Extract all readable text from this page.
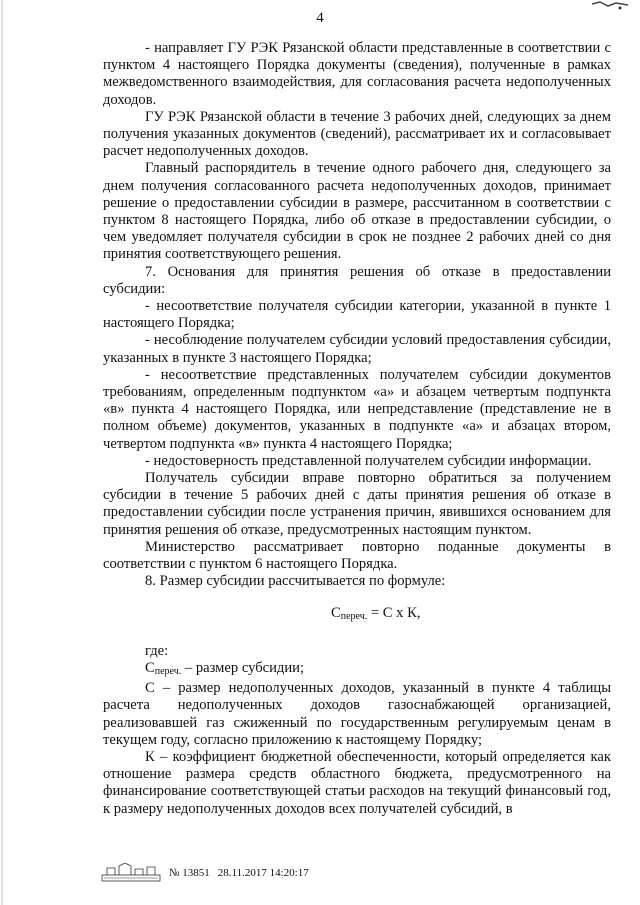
4

- направляет ГУ РЭК Рязанской области представленные в соответствии с пунктом 4 настоящего Порядка документы (сведения), полученные в рамках межведомственного взаимодействия, для согласования расчета недополученных доходов.

ГУ РЭК Рязанской области в течение 3 рабочих дней, следующих за днем получения указанных документов (сведений), рассматривает их и согласовывает расчет недополученных доходов.

Главный распорядитель в течение одного рабочего дня, следующего за днем получения согласованного расчета недополученных доходов, принимает решение о предоставлении субсидии в размере, рассчитанном в соответствии с пунктом 8 настоящего Порядка, либо об отказе в предоставлении субсидии, о чем уведомляет получателя субсидии в срок не позднее 2 рабочих дней со дня принятия соответствующего решения.

7. Основания для принятия решения об отказе в предоставлении субсидии:

- несоответствие получателя субсидии категории, указанной в пункте 1 настоящего Порядка;

- несоблюдение получателем субсидии условий предоставления субсидии, указанных в пункте 3 настоящего Порядка;

- несоответствие представленных получателем субсидии документов требованиям, определенным подпунктом «а» и абзацем четвертым подпункта «в» пункта 4 настоящего Порядка, или непредставление (представление не в полном объеме) документов, указанных в подпункте «а» и абзацах втором, четвертом подпункта «в» пункта 4 настоящего Порядка;

- недостоверность представленной получателем субсидии информации.

Получатель субсидии вправе повторно обратиться за получением субсидии в течение 5 рабочих дней с даты принятия решения об отказе в предоставлении субсидии после устранения причин, явившихся основанием для принятия решения об отказе, предусмотренных настоящим пунктом.

Министерство рассматривает повторно поданные документы в соответствии с пунктом 6 настоящего Порядка.

8. Размер субсидии рассчитывается по формуле:

$С_{переч.} = С$ х К,

где:

$С_{переч.}$ – размер субсидии;

С – размер недополученных доходов, указанный в пункте 4 таблицы расчета недополученных доходов газоснабжающей организацией, реализовавшей газ сжиженный по государственным регулируемым ценам в текущем году, согласно приложению к настоящему Порядку;

К – коэффициент бюджетной обеспеченности, который определяется как отношение размера средств областного бюджета, предусмотренного на финансирование соответствующей статьи расходов на текущий финансовый год, к размеру недополученных доходов всех получателей субсидий, в

№ 13851 28.11.2017 14:20:17
